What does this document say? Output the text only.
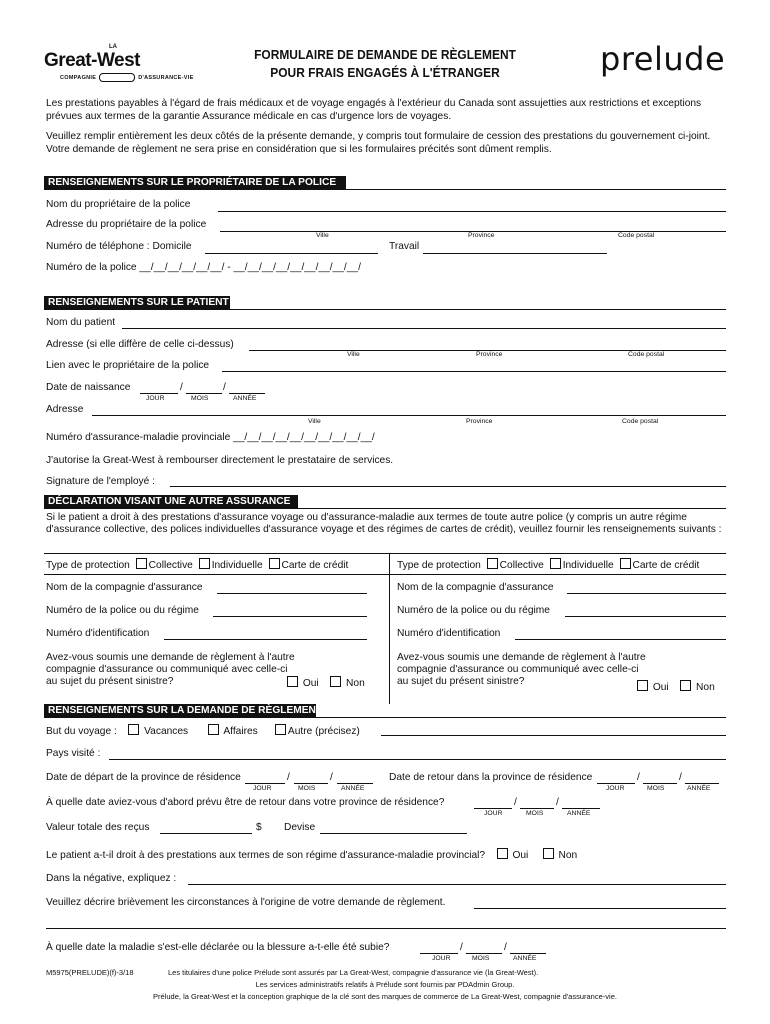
LA
Great-West
COMPAGNIE	D'ASSURANCE-VIE
FORMULAIRE DE DEMANDE DE RÈGLEMENT
POUR FRAIS ENGAGÉS À L'ÉTRANGER	prelude
Les prestations payables à l'égard de frais médicaux et de voyage engagés à l'extérieur du Canada sont assujetties aux restrictions et exceptions prévues aux termes de la garantie Assurance médicale en cas d'urgence lors de voyages.
Veuillez remplir entièrement les deux côtés de la présente demande, y compris tout formulaire de cession des prestations du gouvernement ci-joint. Votre demande de règlement ne sera prise en considération que si les formulaires précités sont dûment remplis.
RENSEIGNEMENTS SUR LE PROPRIÉTAIRE DE LA POLICE
Nom du propriétaire de la police
Adresse du propriétaire de la police
Ville	Province	Code postal
Numéro de téléphone : Domicile	Travail
Numéro de la police __/__/__/__/__/__/ - __/__/__/__/__/__/__/__/__/
RENSEIGNEMENTS SUR LE PATIENT
Nom du patient
Adresse (si elle diffère de celle ci-dessus)
Ville	Province	Code postal
Lien avec le propriétaire de la police
Date de naissance	/	/
JOUR	MOIS	ANNÉE
Adresse
Ville	Province	Code postal
Numéro d'assurance-maladie provinciale __/__/__/__/__/__/__/__/__/__/
J'autorise la Great-West à rembourser directement le prestataire de services.
Signature de l'employé :
DÉCLARATION VISANT UNE AUTRE ASSURANCE
Si le patient a droit à des prestations d'assurance voyage ou d'assurance-maladie aux termes de toute autre police (y compris un autre régime d'assurance collective, des polices individuelles d'assurance voyage et des régimes de cartes de crédit), veuillez fournir les renseignements suivants :
Type de protection Collective Individuelle Carte de crédit
Nom de la compagnie d'assurance
Numéro de la police ou du régime
Numéro d'identification
Avez-vous soumis une demande de règlement à l'autre
compagnie d'assurance ou communiqué avec celle-ci
au sujet du présent sinistre?	Oui	Non
Type de protection Collective Individuelle Carte de crédit
Nom de la compagnie d'assurance
Numéro de la police ou du régime
Numéro d'identification
Avez-vous soumis une demande de règlement à l'autre
compagnie d'assurance ou communiqué avec celle-ci
au sujet du présent sinistre?
Oui	Non
RENSEIGNEMENTS SUR LA DEMANDE DE RÈGLEMENT
But du voyage :	Vacances	Affaires	Autre (précisez)
Pays visité :
Date de départ de la province de résidence	/	/
JOUR	MOIS	ANNÉE
Date de retour dans la province de résidence	/	/
JOUR	MOIS	ANNÉE
À quelle date aviez-vous d'abord prévu être de retour dans votre province de résidence?	/	/
JOUR	MOIS	ANNÉE
Valeur totale des reçus	$ Devise
Le patient a-t-il droit à des prestations aux termes de son régime d'assurance-maladie provincial?	Oui	Non
Dans la négative, expliquez :
Veuillez décrire brièvement les circonstances à l'origine de votre demande de règlement.
À quelle date la maladie s'est-elle déclarée ou la blessure a-t-elle été subie?	/	/
JOUR	MOIS	ANNÉE
M5975(PRELUDE)(f)-3/18	Les titulaires d'une police Prélude sont assurés par La Great-West, compagnie d'assurance vie (la Great-West).
Les services administratifs relatifs à Prélude sont fournis par PDAdmin Group.
Prélude, la Great-West et la conception graphique de la clé sont des marques de commerce de La Great-West, compagnie d'assurance-vie.
